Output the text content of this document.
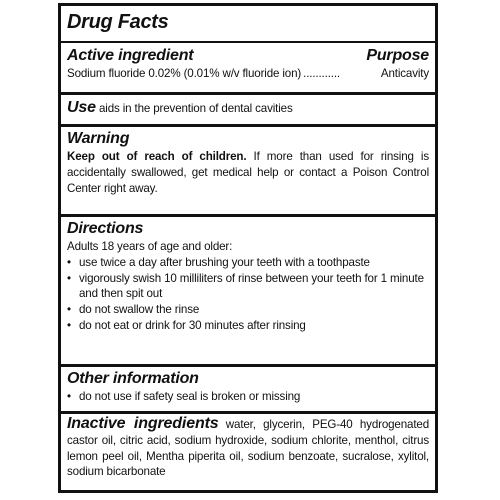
Drug Facts
Active ingredient	Purpose
Sodium fluoride 0.02% (0.01% w/v fluoride ion) ............	Anticavity
Use aids in the prevention of dental cavities
Warning
Keep out of reach of children. If more than used for rinsing is accidentally swallowed, get medical help or contact a Poison Control Center right away.
Directions
Adults 18 years of age and older:
• use twice a day after brushing your teeth with a toothpaste
• vigorously swish 10 milliliters of rinse between your teeth for 1 minute and then spit out
• do not swallow the rinse
• do not eat or drink for 30 minutes after rinsing
Other information
• do not use if safety seal is broken or missing
Inactive ingredients water, glycerin, PEG-40 hydrogenated castor oil, citric acid, sodium hydroxide, sodium chlorite, menthol, citrus lemon peel oil, Mentha piperita oil, sodium benzoate, sucralose, xylitol, sodium bicarbonate
